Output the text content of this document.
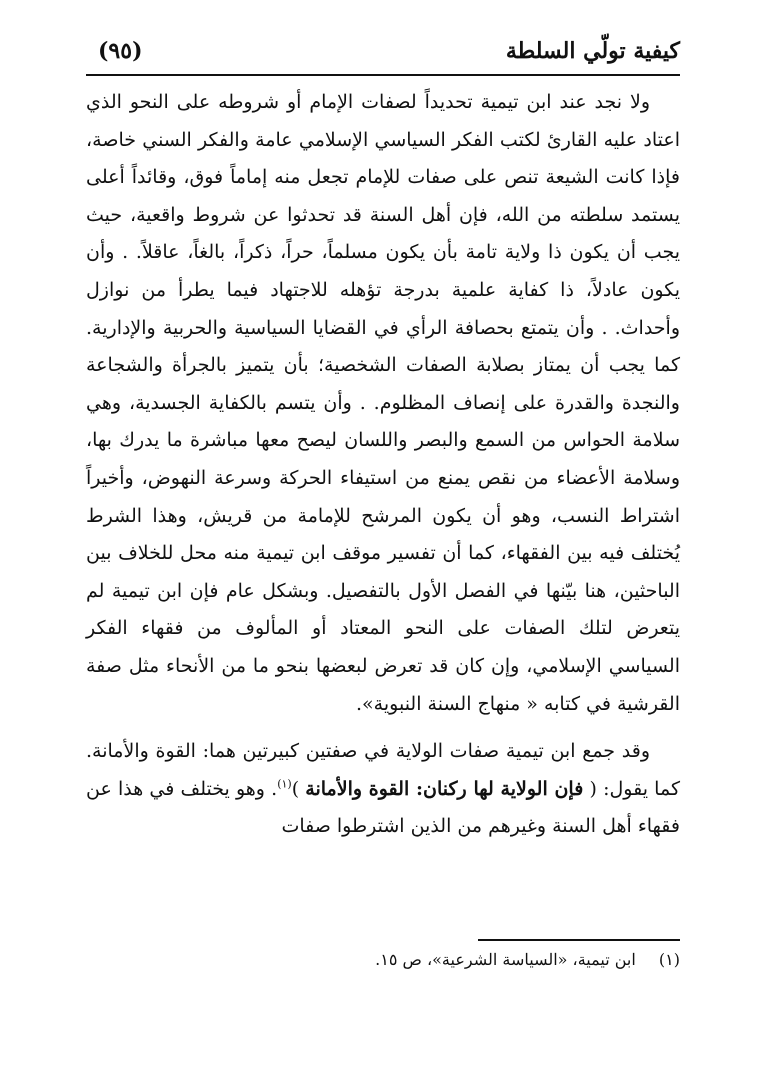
كيفية تولّي السلطة
(٩٥)

ولا نجد عند ابن تيمية تحديداً لصفات الإمام أو شروطه على النحو الذي اعتاد عليه القارئ لكتب الفكر السياسي الإسلامي عامة والفكر السني خاصة، فإذا كانت الشيعة تنص على صفات للإمام تجعل منه إماماً فوق، وقائداً أعلى يستمد سلطته من الله، فإن أهل السنة قد تحدثوا عن شروط واقعية، حيث يجب أن يكون ذا ولاية تامة بأن يكون مسلماً، حراً، ذكراً، بالغاً، عاقلاً. . وأن يكون عادلاً، ذا كفاية علمية بدرجة تؤهله للاجتهاد فيما يطرأ من نوازل وأحداث. . وأن يتمتع بحصافة الرأي في القضايا السياسية والحربية والإدارية. كما يجب أن يمتاز بصلابة الصفات الشخصية؛ بأن يتميز بالجرأة والشجاعة والنجدة والقدرة على إنصاف المظلوم. . وأن يتسم بالكفاية الجسدية، وهي سلامة الحواس من السمع والبصر واللسان ليصح معها مباشرة ما يدرك بها، وسلامة الأعضاء من نقص يمنع من استيفاء الحركة وسرعة النهوض، وأخيراً اشتراط النسب، وهو أن يكون المرشح للإمامة من قريش، وهذا الشرط يُختلف فيه بين الفقهاء، كما أن تفسير موقف ابن تيمية منه محل للخلاف بين الباحثين، هنا بيّنها في الفصل الأول بالتفصيل. وبشكل عام فإن ابن تيمية لم يتعرض لتلك الصفات على النحو المعتاد أو المألوف من فقهاء الفكر السياسي الإسلامي، وإن كان قد تعرض لبعضها بنحو ما من الأنحاء مثل صفة القرشية في كتابه « منهاج السنة النبوية».

وقد جمع ابن تيمية صفات الولاية في صفتين كبيرتين هما: القوة والأمانة. كما يقول: ( فإن الولاية لها ركنان: القوة والأمانة )$^{(١)}$. وهو يختلف في هذا عن فقهاء أهل السنة وغيرهم من الذين اشترطوا صفات

(١) ابن تيمية، «السياسة الشرعية»، ص ١٥.
